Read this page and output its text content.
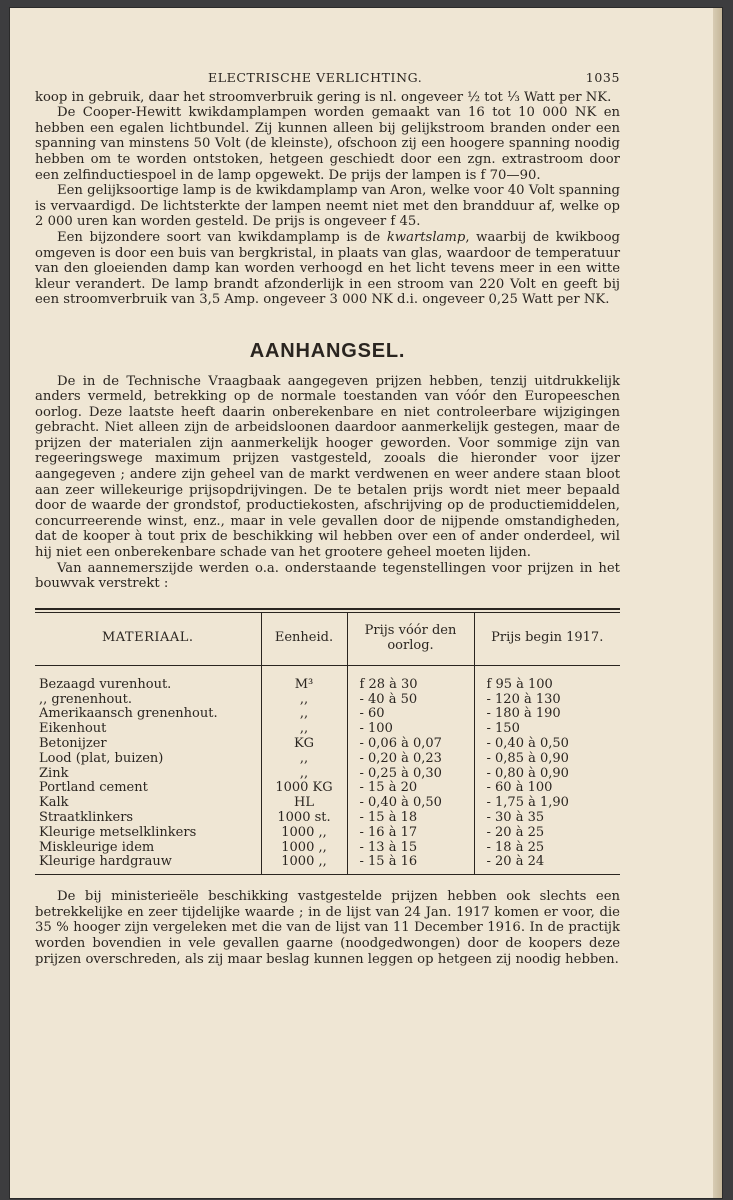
ELECTRISCHE VERLICHTING.	1035

koop in gebruik, daar het stroomverbruik gering is nl. ongeveer ½ tot ⅓ Watt per NK.

De Cooper-Hewitt kwikdamplampen worden gemaakt van 16 tot 10 000 NK en hebben een egalen lichtbundel. Zij kunnen alleen bij gelijkstroom branden onder een spanning van minstens 50 Volt (de kleinste), ofschoon zij een hoogere spanning noodig hebben om te worden ontstoken, hetgeen geschiedt door een zgn. extrastroom door een zelfinductiespoel in de lamp opgewekt. De prijs der lampen is f 70—90.

Een gelijksoortige lamp is de kwikdamplamp van Aron, welke voor 40 Volt spanning is vervaardigd. De lichtsterkte der lampen neemt niet met den brandduur af, welke op 2 000 uren kan worden gesteld. De prijs is ongeveer f 45.

Een bijzondere soort van kwikdamplamp is de kwartslamp, waarbij de kwikboog omgeven is door een buis van bergkristal, in plaats van glas, waardoor de temperatuur van den gloeienden damp kan worden verhoogd en het licht tevens meer in een witte kleur verandert. De lamp brandt afzonderlijk in een stroom van 220 Volt en geeft bij een stroomverbruik van 3,5 Amp. ongeveer 3 000 NK d.i. ongeveer 0,25 Watt per NK.

AANHANGSEL.

De in de Technische Vraagbaak aangegeven prijzen hebben, tenzij uitdrukkelijk anders vermeld, betrekking op de normale toestanden van vóór den Europeeschen oorlog. Deze laatste heeft daarin onberekenbare en niet controleerbare wijzigingen gebracht. Niet alleen zijn de arbeidsloonen daardoor aanmerkelijk gestegen, maar de prijzen der materialen zijn aanmerkelijk hooger geworden. Voor sommige zijn van regeeringswege maximum prijzen vastgesteld, zooals die hieronder voor ijzer aangegeven ; andere zijn geheel van de markt verdwenen en weer andere staan bloot aan zeer willekeurige prijsopdrijvingen. De te betalen prijs wordt niet meer bepaald door de waarde der grondstof, productiekosten, afschrijving op de productiemiddelen, concurreerende winst, enz., maar in vele gevallen door de nijpende omstandigheden, dat de kooper à tout prix de beschikking wil hebben over een of ander onderdeel, wil hij niet een onberekenbare schade van het grootere geheel moeten lijden.

Van aannemerszijde werden o.a. onderstaande tegenstellingen voor prijzen in het bouwvak verstrekt :

MATERIAAL.	Eenheid.	Prijs vóór den oorlog.	Prijs begin 1917.
Bezaagd vurenhout.	M³	f 28 à 30	f 95 à 100
,, grenenhout.	,,	- 40 à 50	- 120 à 130
Amerikaansch grenenhout.	,,	- 60	- 180 à 190
Eikenhout	,,	- 100	- 150
Betonijzer	KG	- 0,06 à 0,07	- 0,40 à 0,50
Lood (plat, buizen)	,,	- 0,20 à 0,23	- 0,85 à 0,90
Zink	,,	- 0,25 à 0,30	- 0,80 à 0,90
Portland cement	1000 KG	- 15 à 20	- 60 à 100
Kalk	HL	- 0,40 à 0,50	- 1,75 à 1,90
Straatklinkers	1000 st.	- 15 à 18	- 30 à 35
Kleurige metselklinkers	1000 ,,	- 16 à 17	- 20 à 25
Miskleurige idem	1000 ,,	- 13 à 15	- 18 à 25
Kleurige hardgrauw	1000 ,,	- 15 à 16	- 20 à 24

De bij ministerieële beschikking vastgestelde prijzen hebben ook slechts een betrekkelijke en zeer tijdelijke waarde ; in de lijst van 24 Jan. 1917 komen er voor, die 35 % hooger zijn vergeleken met die van de lijst van 11 December 1916. In de practijk worden bovendien in vele gevallen gaarne (noodgedwongen) door de koopers deze prijzen overschreden, als zij maar beslag kunnen leggen op hetgeen zij noodig hebben.
